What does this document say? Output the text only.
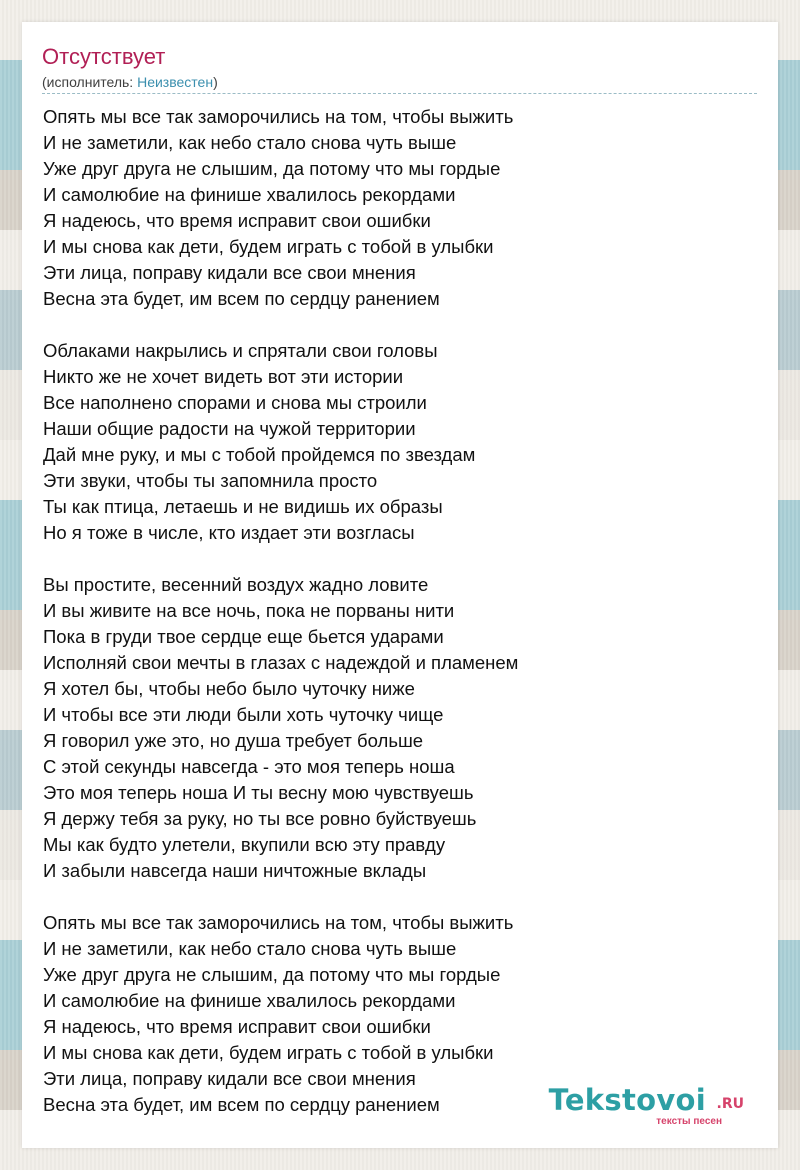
Отсутствует
(исполнитель: Неизвестен)
Опять мы все так заморочились на том, чтобы выжить
И не заметили, как небо стало снова чуть выше
Уже друг друга не слышим, да потому что мы гордые
И самолюбие на финише хвалилось рекордами
Я надеюсь, что время исправит свои ошибки
И мы снова как дети, будем играть с тобой в улыбки
Эти лица, поправу кидали все свои мнения
Весна эта будет, им всем по сердцу ранением
Облаками накрылись и спрятали свои головы
Никто же не хочет видеть вот эти истории
Все наполнено спорами и снова мы строили
Наши общие радости на чужой территории
Дай мне руку, и мы с тобой пройдемся по звездам
Эти звуки, чтобы ты запомнила просто
Ты как птица, летаешь и не видишь их образы
Но я тоже в числе, кто издает эти возгласы
Вы простите, весенний воздух жадно ловите
И вы живите на все ночь, пока не порваны нити
Пока в груди твое сердце еще бьется ударами
Исполняй свои мечты в глазах с надеждой и пламенем
Я хотел бы, чтобы небо было чуточку ниже
И чтобы все эти люди были хоть чуточку чище
Я говорил уже это, но душа требует больше
С этой секунды навсегда - это моя теперь ноша
Это моя теперь ноша И ты весну мою чувствуешь
Я держу тебя за руку, но ты все ровно буйствуешь
Мы как будто улетели, вкупили всю эту правду
И забыли навсегда наши ничтожные вклады
Опять мы все так заморочились на том, чтобы выжить
И не заметили, как небо стало снова чуть выше
Уже друг друга не слышим, да потому что мы гордые
И самолюбие на финише хвалилось рекордами
Я надеюсь, что время исправит свои ошибки
И мы снова как дети, будем играть с тобой в улыбки
Эти лица, поправу кидали все свои мнения
Весна эта будет, им всем по сердцу ранением	Tekstovoi .RU
тексты песен
